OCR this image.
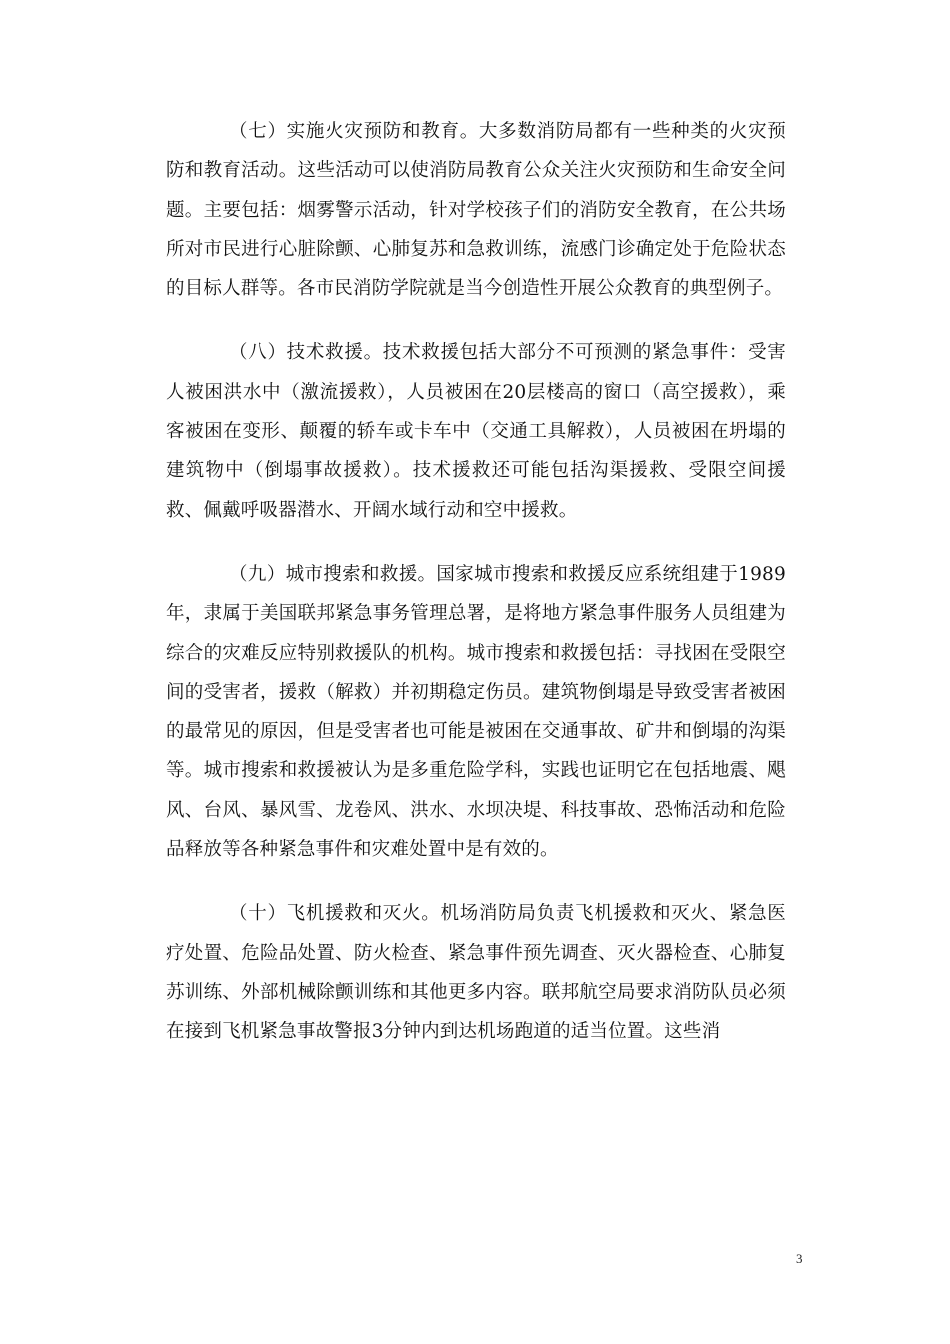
（七）实施火灾预防和教育。大多数消防局都有一些种类的火灾预防和教育活动。这些活动可以使消防局教育公众关注火灾预防和生命安全问题。主要包括：烟雾警示活动，针对学校孩子们的消防安全教育，在公共场所对市民进行心脏除颤、心肺复苏和急救训练，流感门诊确定处于危险状态的目标人群等。各市民消防学院就是当今创造性开展公众教育的典型例子。

（八）技术救援。技术救援包括大部分不可预测的紧急事件：受害人被困洪水中（激流援救），人员被困在20层楼高的窗口（高空援救），乘客被困在变形、颠覆的轿车或卡车中（交通工具解救），人员被困在坍塌的建筑物中（倒塌事故援救）。技术援救还可能包括沟渠援救、受限空间援救、佩戴呼吸器潜水、开阔水域行动和空中援救。

（九）城市搜索和救援。国家城市搜索和救援反应系统组建于1989年，隶属于美国联邦紧急事务管理总署，是将地方紧急事件服务人员组建为综合的灾难反应特别救援队的机构。城市搜索和救援包括：寻找困在受限空间的受害者，援救（解救）并初期稳定伤员。建筑物倒塌是导致受害者被困的最常见的原因，但是受害者也可能是被困在交通事故、矿井和倒塌的沟渠等。城市搜索和救援被认为是多重危险学科，实践也证明它在包括地震、飓风、台风、暴风雪、龙卷风、洪水、水坝决堤、科技事故、恐怖活动和危险品释放等各种紧急事件和灾难处置中是有效的。

（十）飞机援救和灭火。机场消防局负责飞机援救和灭火、紧急医疗处置、危险品处置、防火检查、紧急事件预先调查、灭火器检查、心肺复苏训练、外部机械除颤训练和其他更多内容。联邦航空局要求消防队员必须在接到飞机紧急事故警报3分钟内到达机场跑道的适当位置。这些消

3
